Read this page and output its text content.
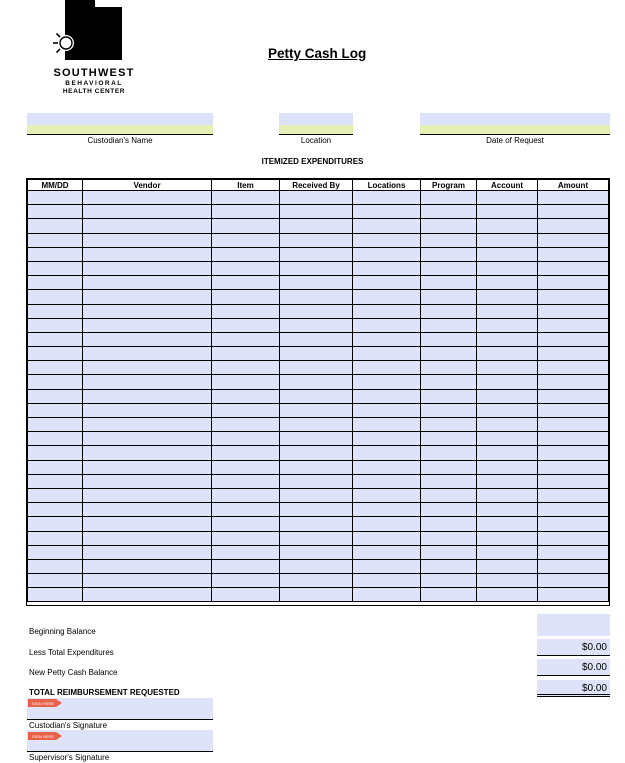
SOUTHWEST
BEHAVIORAL
HEALTH CENTER
Petty Cash Log
Custodian's Name	Location	Date of Request
ITEMIZED EXPENDITURES
MM/DD	Vendor	Item	Received By	Locations	Program	Account	Amount

Beginning Balance
Less Total Expenditures	$0.00
New Petty Cash Balance	$0.00
TOTAL REIMBURSEMENT REQUESTED	$0.00
SIGN HERE
Custodian's Signature
SIGN HERE
Supervisor's Signature
